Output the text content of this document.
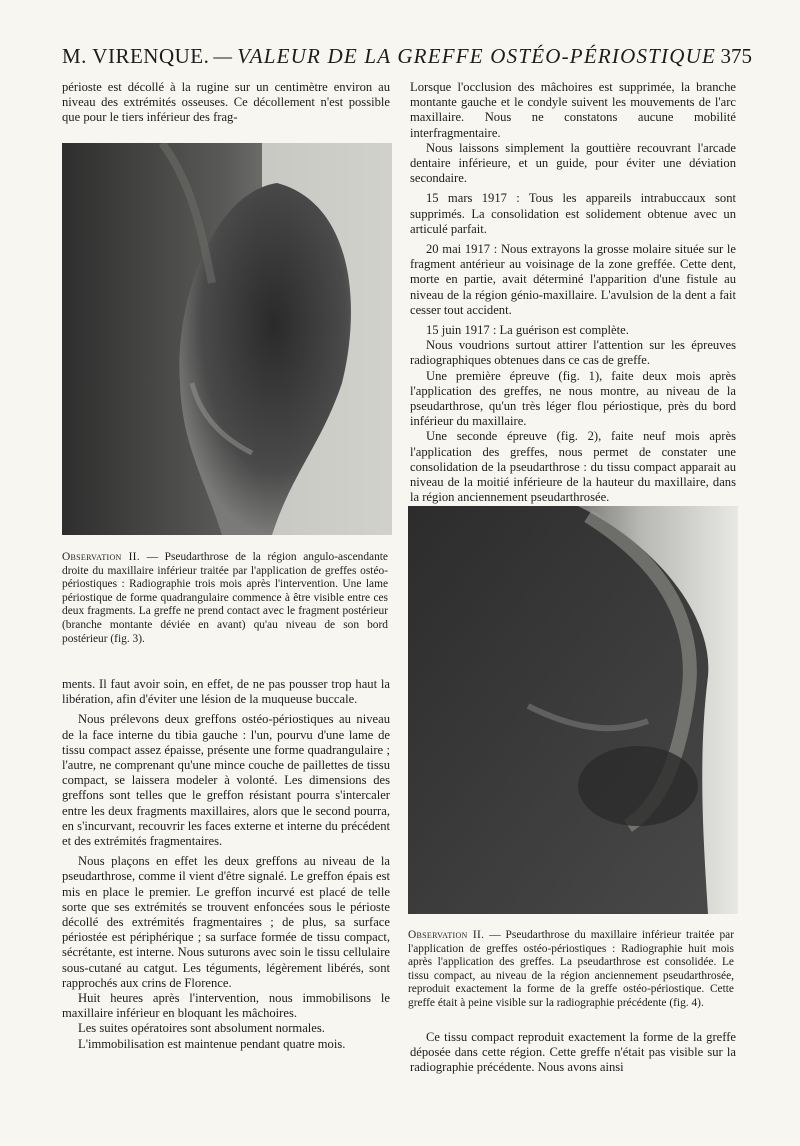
M. VIRENQUE. — VALEUR DE LA GREFFE OSTÉO-PÉRIOSTIQUE 375

périoste est décollé à la rugine sur un centimètre environ au niveau des extrémités osseuses. Ce décollement n'est possible que pour le tiers inférieur des frag-

Observation II. — Pseudarthrose de la région angulo-ascendante droite du maxillaire inférieur traitée par l'application de greffes ostéo-périostiques : Radiographie trois mois après l'intervention. Une lame périostique de forme quadrangulaire commence à être visible entre ces deux fragments. La greffe ne prend contact avec le fragment postérieur (branche montante déviée en avant) qu'au niveau de son bord postérieur (fig. 3).

ments. Il faut avoir soin, en effet, de ne pas pousser trop haut la libération, afin d'éviter une lésion de la muqueuse buccale.

Nous prélevons deux greffons ostéo-périostiques au niveau de la face interne du tibia gauche : l'un, pourvu d'une lame de tissu compact assez épaisse, présente une forme quadrangulaire ; l'autre, ne comprenant qu'une mince couche de paillettes de tissu compact, se laissera modeler à volonté. Les dimensions des greffons sont telles que le greffon résistant pourra s'intercaler entre les deux fragments maxillaires, alors que le second pourra, en s'incurvant, recouvrir les faces externe et interne du précédent et des extrémités fragmentaires.

Nous plaçons en effet les deux greffons au niveau de la pseudarthrose, comme il vient d'être signalé. Le greffon épais est mis en place le premier. Le greffon incurvé est placé de telle sorte que ses extrémités se trouvent enfoncées sous le périoste décollé des extrémités fragmentaires ; de plus, sa surface périostée est périphérique ; sa surface formée de tissu compact, sécrétante, est interne. Nous suturons avec soin le tissu cellulaire sous-cutané au catgut. Les téguments, légèrement libérés, sont rapprochés aux crins de Florence.

Huit heures après l'intervention, nous immobilisons le maxillaire inférieur en bloquant les mâchoires.

Les suites opératoires sont absolument normales.

L'immobilisation est maintenue pendant quatre mois.

Lorsque l'occlusion des mâchoires est supprimée, la branche montante gauche et le condyle suivent les mouvements de l'arc maxillaire. Nous ne constatons aucune mobilité interfragmentaire.

Nous laissons simplement la gouttière recouvrant l'arcade dentaire inférieure, et un guide, pour éviter une déviation secondaire.

15 mars 1917 : Tous les appareils intrabuccaux sont supprimés. La consolidation est solidement obtenue avec un articulé parfait.

20 mai 1917 : Nous extrayons la grosse molaire située sur le fragment antérieur au voisinage de la zone greffée. Cette dent, morte en partie, avait déterminé l'apparition d'une fistule au niveau de la région génio-maxillaire. L'avulsion de la dent a fait cesser tout accident.

15 juin 1917 : La guérison est complète.

Nous voudrions surtout attirer l'attention sur les épreuves radiographiques obtenues dans ce cas de greffe.

Une première épreuve (fig. 1), faite deux mois après l'application des greffes, ne nous montre, au niveau de la pseudarthrose, qu'un très léger flou périostique, près du bord inférieur du maxillaire.

Une seconde épreuve (fig. 2), faite neuf mois après l'application des greffes, nous permet de constater une consolidation de la pseudarthrose : du tissu compact apparait au niveau de la moitié inférieure de la hauteur du maxillaire, dans la région anciennement pseudarthrosée.

Observation II. — Pseudarthrose du maxillaire inférieur traitée par l'application de greffes ostéo-périostiques : Radiographie huit mois après l'application des greffes. La pseudarthrose est consolidée. Le tissu compact, au niveau de la région anciennement pseudarthrosée, reproduit exactement la forme de la greffe ostéo-périostique. Cette greffe était à peine visible sur la radiographie précédente (fig. 4).

Ce tissu compact reproduit exactement la forme de la greffe déposée dans cette région. Cette greffe n'était pas visible sur la radiographie précédente. Nous avons ainsi
